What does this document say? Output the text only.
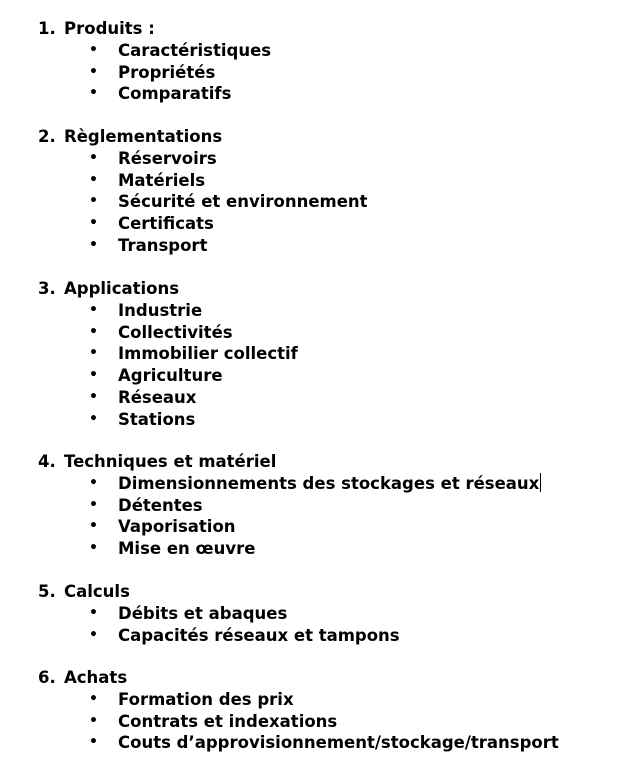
1. Produits :
• Caractéristiques
• Propriétés
• Comparatifs
2. Règlementations
• Réservoirs
• Matériels
• Sécurité et environnement
• Certificats
• Transport
3. Applications
• Industrie
• Collectivités
• Immobilier collectif
• Agriculture
• Réseaux
• Stations
4. Techniques et matériel
• Dimensionnements des stockages et réseaux
• Détentes
• Vaporisation
• Mise en œuvre
5. Calculs
• Débits et abaques
• Capacités réseaux et tampons
6. Achats
• Formation des prix
• Contrats et indexations
• Couts d’approvisionnement/stockage/transport
